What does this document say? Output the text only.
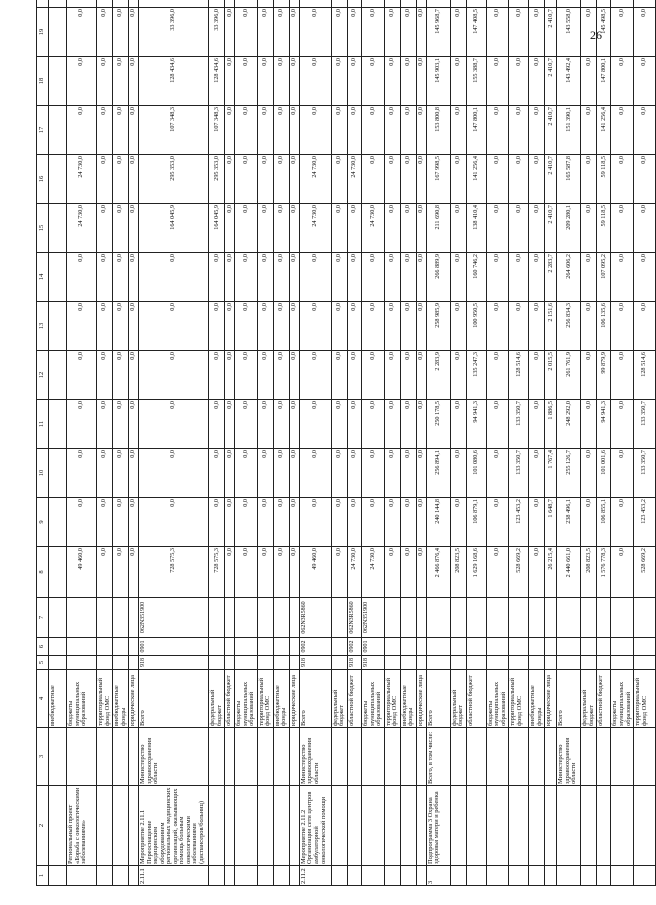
26
1	2	3	4	5	6	7	8	9	10	11	12	13	14	15	16	17	18	19	
			внебюджетные																
	Региональный проект «Борьба с онкологическими заболеваниями»		бюджеты муниципальных образований				49 460,0	0,0	0,0	0,0	0,0	0,0	0,0	24 730,0	24 730,0	0,0	0,0	0,0	
			территориальный фонд ОМС				0,0	0,0	0,0	0,0	0,0	0,0	0,0	0,0	0,0	0,0	0,0	0,0	
			внебюджетные фонды				0,0	0,0	0,0	0,0	0,0	0,0	0,0	0,0	0,0	0,0	0,0	0,0	
			юридические лица				0,0	0,0	0,0	0,0	0,0	0,0	0,0	0,0	0,0	0,0	0,0	0,0	
2.11.1	Мероприятие 2.11.1 Переоснащение медицинским оборудованием региональных медицинских организаций, оказывающих помощь больным онкологическими заболеваниями (диспансеров/больниц)	Министерство здравоохранения области	Всего	918	0901	062N351900	728 575,3	0,0	0,0	0,0	0,0	0,0	0,0	164 045,9	295 353,0	107 348,3	128 434,6	33 396,0	
			федеральный бюджет				728 575,3	0,0	0,0	0,0	0,0	0,0	0,0	164 045,9	295 353,0	107 348,3	128 434,6	33 396,0	
			областной бюджет				0,0	0,0	0,0	0,0	0,0	0,0	0,0	0,0	0,0	0,0	0,0	0,0	
			бюджеты муниципальных образований				0,0	0,0	0,0	0,0	0,0	0,0	0,0	0,0	0,0	0,0	0,0	0,0	
			территориальный фонд ОМС				0,0	0,0	0,0	0,0	0,0	0,0	0,0	0,0	0,0	0,0	0,0	0,0	
			внебюджетные фонды				0,0	0,0	0,0	0,0	0,0	0,0	0,0	0,0	0,0	0,0	0,0	0,0	
			юридические лица				0,0	0,0	0,0	0,0	0,0	0,0	0,0	0,0	0,0	0,0	0,0	0,0	
2.11.2	Мероприятие 2.11.2 Организация сети центров амбулаторной онкологической помощи	Министерство здравоохранения области	Всего	918	0902	062N3R5860	49 460,0	0,0	0,0	0,0	0,0	0,0	0,0	24 730,0	24 730,0	0,0	0,0	0,0	
			федеральный бюджет				0,0	0,0	0,0	0,0	0,0	0,0	0,0	0,0	0,0	0,0	0,0	0,0	
			областной бюджет	918	0902	062N3R5860	24 730,0	0,0	0,0	0,0	0,0	0,0	0,0	0,0	24 730,0	0,0	0,0	0,0	
			бюджеты муниципальных образований	918	0901	062N351900	24 730,0	0,0	0,0	0,0	0,0	0,0	0,0	24 730,0	0,0	0,0	0,0	0,0	
			территориальный фонд ОМС				0,0	0,0	0,0	0,0	0,0	0,0	0,0	0,0	0,0	0,0	0,0	0,0	
			внебюджетные фонды				0,0	0,0	0,0	0,0	0,0	0,0	0,0	0,0	0,0	0,0	0,0	0,0	
			юридические лица				0,0	0,0	0,0	0,0	0,0	0,0	0,0	0,0	0,0	0,0	0,0	0,0	
3	Подпрограмма 3 Охрана здоровья матери и ребенка	Всего, в том числе:	Всего				2 466 876,4	240 144,8	256 894,1	250 178,5	2 283,9	258 985,9	266 889,9	211 690,8	167 998,5	153 800,8	145 903,1	145 968,7	
			федеральный бюджет				208 823,5	0,0	0,0	0,0	0,0	0,0	0,0	0,0	0,0	0,0	0,0	0,0	
			областной бюджет				1 629 168,6	106 879,1	101 080,6	94 941,3	135 247,3	100 950,5	160 746,2	138 410,4	141 256,4	147 800,1	155 388,7	147 408,5	
			бюджеты муниципальных образований				0,0	0,0	0,0	0,0	0,0	0,0	0,0	0,0	0,0	0,0	0,0	0,0	
			территориальный фонд ОМС				528 669,2	123 453,2	133 350,7	133 350,7	128 514,6	0,0	0,0	0,0	0,0	0,0	0,0	0,0	
			внебюджетные фонды				0,0	0,0	0,0	0,0	0,0	0,0	0,0	0,0	0,0	0,0	0,0	0,0	
			юридические лица				26 215,4	1 648,7	1 767,4	1 886,5	2 015,5	2 151,6	2 283,7	2 410,7	2 410,7	2 410,7	2 410,7	2 410,7	
		Министерство здравоохранения области	Всего				2 440 661,0	238 496,1	255 126,7	248 292,0	261 761,9	256 834,3	264 606,2	209 280,1	165 587,8	151 390,1	143 492,4	143 558,0	
			федеральный бюджет				208 823,5	0,0	0,0	0,0	0,0	0,0	0,0	0,0	0,0	0,0	0,0	0,0	
			областной бюджет				1 576 778,3	106 855,1	101 001,6	94 941,3	99 879,9	106 135,6	107 095,2	59 118,5	59 118,5	141 256,4	147 800,1	145 498,5	
			бюджеты муниципальных образований				0,0	0,0	0,0	0,0	0,0	0,0	0,0	0,0	0,0	0,0	0,0	0,0	
			территориальный фонд ОМС				528 669,2	123 453,2	133 350,7	133 350,7	128 514,6	0,0	0,0	0,0	0,0	0,0	0,0	0,0	
